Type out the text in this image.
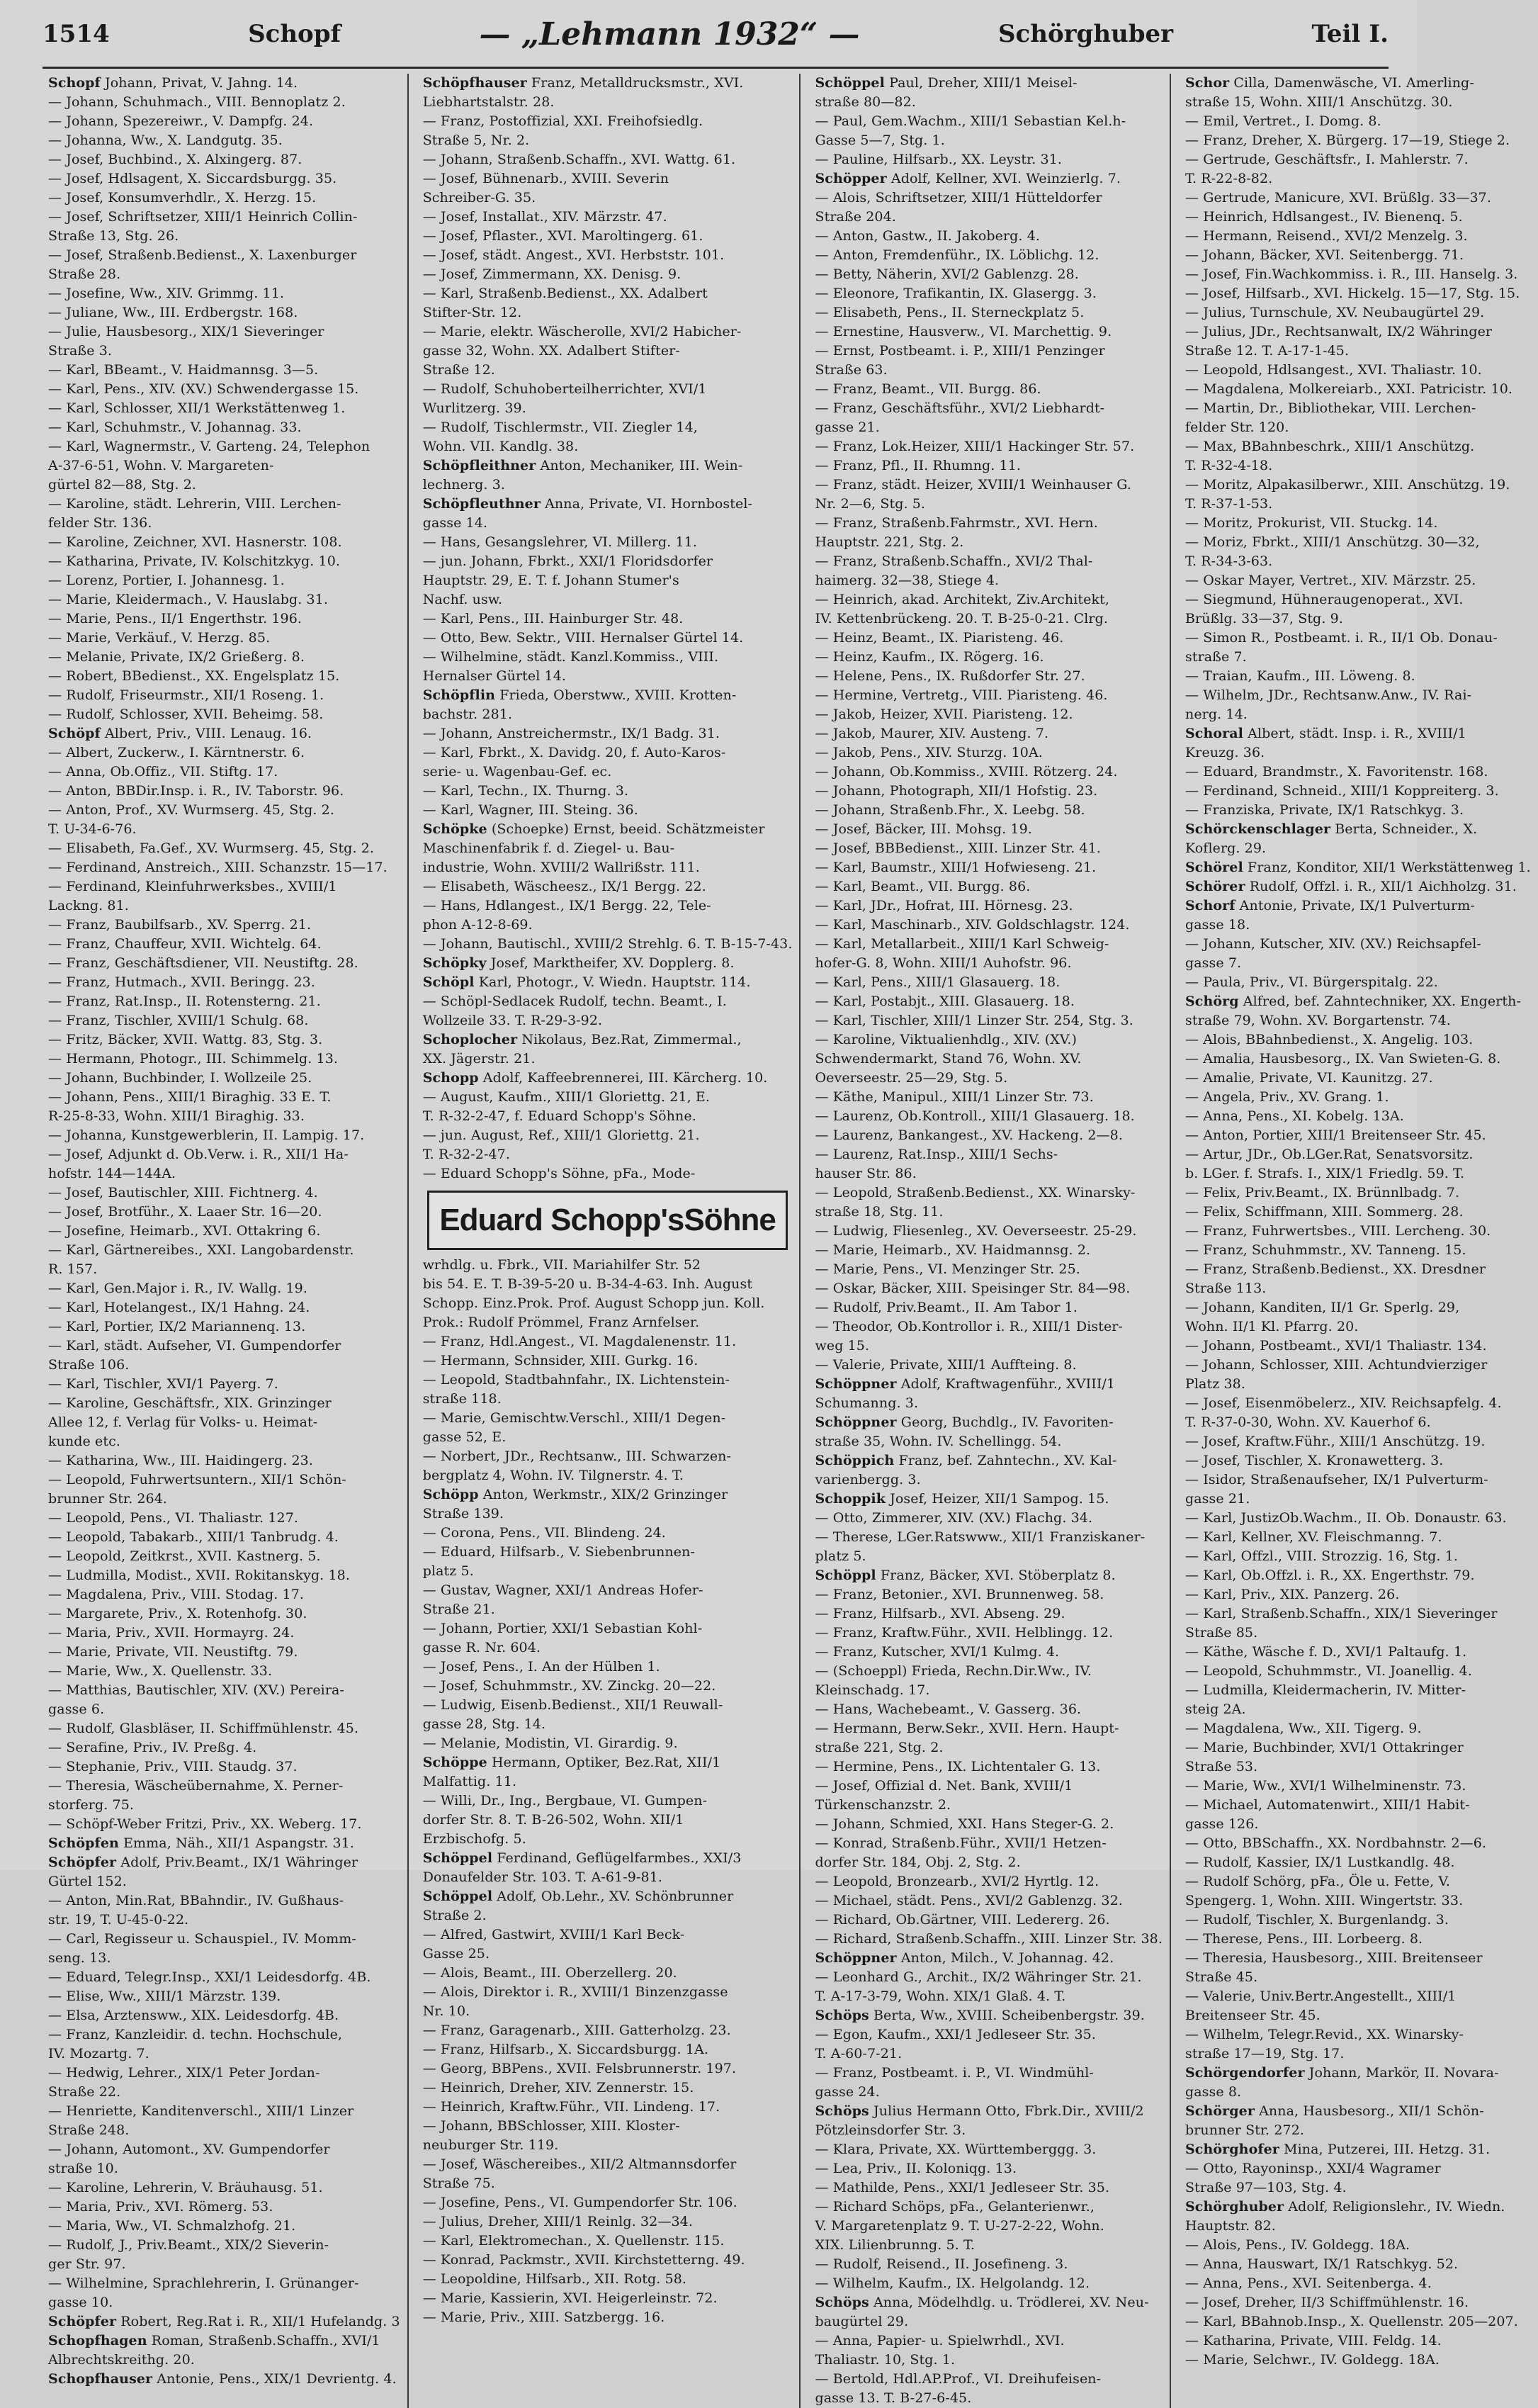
1514	Schopf	— „Lehmann 1932“ —	Schörghuber	Teil I.
Schopf Johann, Privat, V. Jahng. 14.
— Johann, Schuhmach., VIII. Bennoplatz 2.
— Johann, Spezereiwr., V. Dampfg. 24.
— Johanna, Ww., X. Landgutg. 35.
— Josef, Buchbind., X. Alxingerg. 87.
— Josef, Hdlsagent, X. Siccardsburgg. 35.
— Josef, Konsumverhdlr., X. Herzg. 15.
— Josef, Schriftsetzer, XIII/1 Heinrich Collin-
Straße 13, Stg. 26.
— Josef, Straßenb.Bedienst., X. Laxenburger
Straße 28.
— Josefine, Ww., XIV. Grimmg. 11.
— Juliane, Ww., III. Erdbergstr. 168.
— Julie, Hausbesorg., XIX/1 Sieveringer
Straße 3.
— Karl, BBeamt., V. Haidmannsg. 3—5.
— Karl, Pens., XIV. (XV.) Schwendergasse 15.
— Karl, Schlosser, XII/1 Werkstättenweg 1.
— Karl, Schuhmstr., V. Johannag. 33.
— Karl, Wagnermstr., V. Garteng. 24, Telephon
A-37-6-51, Wohn. V. Margareten-
gürtel 82—88, Stg. 2.
— Karoline, städt. Lehrerin, VIII. Lerchen-
felder Str. 136.
— Karoline, Zeichner, XVI. Hasnerstr. 108.
— Katharina, Private, IV. Kolschitzkyg. 10.
— Lorenz, Portier, I. Johannesg. 1.
— Marie, Kleidermach., V. Hauslabg. 31.
— Marie, Pens., II/1 Engerthstr. 196.
— Marie, Verkäuf., V. Herzg. 85.
— Melanie, Private, IX/2 Grießerg. 8.
— Robert, BBedienst., XX. Engelsplatz 15.
— Rudolf, Friseurmstr., XII/1 Roseng. 1.
— Rudolf, Schlosser, XVII. Beheimg. 58.
Schöpf Albert, Priv., VIII. Lenaug. 16.
— Albert, Zuckerw., I. Kärntnerstr. 6.
— Anna, Ob.Offiz., VII. Stiftg. 17.
— Anton, BBDir.Insp. i. R., IV. Taborstr. 96.
— Anton, Prof., XV. Wurmserg. 45, Stg. 2.
T. U-34-6-76.
— Elisabeth, Fa.Gef., XV. Wurmserg. 45, Stg. 2.
— Ferdinand, Anstreich., XIII. Schanzstr. 15—17.
— Ferdinand, Kleinfuhrwerksbes., XVIII/1
Lackng. 81.
— Franz, Baubilfsarb., XV. Sperrg. 21.
— Franz, Chauffeur, XVII. Wichtelg. 64.
— Franz, Geschäftsdiener, VII. Neustiftg. 28.
— Franz, Hutmach., XVII. Beringg. 23.
— Franz, Rat.Insp., II. Rotensterng. 21.
— Franz, Tischler, XVIII/1 Schulg. 68.
— Fritz, Bäcker, XVII. Wattg. 83, Stg. 3.
— Hermann, Photogr., III. Schimmelg. 13.
— Johann, Buchbinder, I. Wollzeile 25.
— Johann, Pens., XIII/1 Biraghig. 33 E. T.
R-25-8-33, Wohn. XIII/1 Biraghig. 33.
— Johanna, Kunstgewerblerin, II. Lampig. 17.
— Josef, Adjunkt d. Ob.Verw. i. R., XII/1 Ha-
hofstr. 144—144A.
— Josef, Bautischler, XIII. Fichtnerg. 4.
— Josef, Brotführ., X. Laaer Str. 16—20.
— Josefine, Heimarb., XVI. Ottakring 6.
— Karl, Gärtnereibes., XXI. Langobardenstr.
R. 157.
— Karl, Gen.Major i. R., IV. Wallg. 19.
— Karl, Hotelangest., IX/1 Hahng. 24.
— Karl, Portier, IX/2 Mariannenq. 13.
— Karl, städt. Aufseher, VI. Gumpendorfer
Straße 106.
— Karl, Tischler, XVI/1 Payerg. 7.
— Karoline, Geschäftsfr., XIX. Grinzinger
Allee 12, f. Verlag für Volks- u. Heimat-
kunde etc.
— Katharina, Ww., III. Haidingerg. 23.
— Leopold, Fuhrwertsuntern., XII/1 Schön-
brunner Str. 264.
— Leopold, Pens., VI. Thaliastr. 127.
— Leopold, Tabakarb., XIII/1 Tanbrudg. 4.
— Leopold, Zeitkrst., XVII. Kastnerg. 5.
— Ludmilla, Modist., XVII. Rokitanskyg. 18.
— Magdalena, Priv., VIII. Stodag. 17.
— Margarete, Priv., X. Rotenhofg. 30.
— Maria, Priv., XVII. Hormayrg. 24.
— Marie, Private, VII. Neustiftg. 79.
— Marie, Ww., X. Quellenstr. 33.
— Matthias, Bautischler, XIV. (XV.) Pereira-
gasse 6.
— Rudolf, Glasbläser, II. Schiffmühlenstr. 45.
— Serafine, Priv., IV. Preßg. 4.
— Stephanie, Priv., VIII. Staudg. 37.
— Theresia, Wäscheübernahme, X. Perner-
storferg. 75.
— Schöpf-Weber Fritzi, Priv., XX. Weberg. 17.
Schöpfen Emma, Näh., XII/1 Aspangstr. 31.
Schöpfer Adolf, Priv.Beamt., IX/1 Währinger
Gürtel 152.
— Anton, Min.Rat, BBahndir., IV. Gußhaus-
str. 19, T. U-45-0-22.
— Carl, Regisseur u. Schauspiel., IV. Momm-
seng. 13.
— Eduard, Telegr.Insp., XXI/1 Leidesdorfg. 4B.
— Elise, Ww., XIII/1 Märzstr. 139.
— Elsa, Arztensww., XIX. Leidesdorfg. 4B.
— Franz, Kanzleidir. d. techn. Hochschule,
IV. Mozartg. 7.
— Hedwig, Lehrer., XIX/1 Peter Jordan-
Straße 22.
— Henriette, Kanditenverschl., XIII/1 Linzer
Straße 248.
— Johann, Automont., XV. Gumpendorfer
straße 10.
— Karoline, Lehrerin, V. Bräuhausg. 51.
— Maria, Priv., XVI. Römerg. 53.
— Maria, Ww., VI. Schmalzhofg. 21.
— Rudolf, J., Priv.Beamt., XIX/2 Sieverin-
ger Str. 97.
— Wilhelmine, Sprachlehrerin, I. Grünanger-
gasse 10.
Schöpfer Robert, Reg.Rat i. R., XII/1 Hufelandg. 3
Schopfhagen Roman, Straßenb.Schaffn., XVI/1
Albrechtskreithg. 20.
Schopfhauser Antonie, Pens., XIX/1 Devrientg. 4.
Schöpfhauser Franz, Metalldrucksmstr., XVI.
Liebhartstalstr. 28.
— Franz, Postoffizial, XXI. Freihofsiedlg.
Straße 5, Nr. 2.
— Johann, Straßenb.Schaffn., XVI. Wattg. 61.
— Josef, Bühnenarb., XVIII. Severin
Schreiber-G. 35.
— Josef, Installat., XIV. Märzstr. 47.
— Josef, Pflaster., XVI. Maroltingerg. 61.
— Josef, städt. Angest., XVI. Herbststr. 101.
— Josef, Zimmermann, XX. Denisg. 9.
— Karl, Straßenb.Bedienst., XX. Adalbert
Stifter-Str. 12.
— Marie, elektr. Wäscherolle, XVI/2 Habicher-
gasse 32, Wohn. XX. Adalbert Stifter-
Straße 12.
— Rudolf, Schuhoberteilherrichter, XVI/1
Wurlitzerg. 39.
— Rudolf, Tischlermstr., VII. Ziegler 14,
Wohn. VII. Kandlg. 38.
Schöpfleithner Anton, Mechaniker, III. Wein-
lechnerg. 3.
Schöpfleuthner Anna, Private, VI. Hornbostel-
gasse 14.
— Hans, Gesangslehrer, VI. Millerg. 11.
— jun. Johann, Fbrkt., XXI/1 Floridsdorfer
Hauptstr. 29, E. T. f. Johann Stumer's
Nachf. usw.
— Karl, Pens., III. Hainburger Str. 48.
— Otto, Bew. Sektr., VIII. Hernalser Gürtel 14.
— Wilhelmine, städt. Kanzl.Kommiss., VIII.
Hernalser Gürtel 14.
Schöpflin Frieda, Oberstww., XVIII. Krotten-
bachstr. 281.
— Johann, Anstreichermstr., IX/1 Badg. 31.
— Karl, Fbrkt., X. Davidg. 20, f. Auto-Karos-
serie- u. Wagenbau-Gef. ec.
— Karl, Techn., IX. Thurng. 3.
— Karl, Wagner, III. Steing. 36.
Schöpke (Schoepke) Ernst, beeid. Schätzmeister
Maschinenfabrik f. d. Ziegel- u. Bau-
industrie, Wohn. XVIII/2 Wallrißstr. 111.
— Elisabeth, Wäscheesz., IX/1 Bergg. 22.
— Hans, Hdlangest., IX/1 Bergg. 22, Tele-
phon A-12-8-69.
— Johann, Bautischl., XVIII/2 Strehlg. 6. T. B-15-7-43.
Schöpky Josef, Marktheifer, XV. Dopplerg. 8.
Schöpl Karl, Photogr., V. Wiedn. Hauptstr. 114.
— Schöpl-Sedlacek Rudolf, techn. Beamt., I.
Wollzeile 33. T. R-29-3-92.
Schoplocher Nikolaus, Bez.Rat, Zimmermal.,
XX. Jägerstr. 21.
Schopp Adolf, Kaffeebrennerei, III. Kärcherg. 10.
— August, Kaufm., XIII/1 Gloriettg. 21, E.
T. R-32-2-47, f. Eduard Schopp's Söhne.
— jun. August, Ref., XIII/1 Gloriettg. 21.
T. R-32-2-47.
— Eduard Schopp's Söhne, pFa., Mode-
Eduard Schopp'sSöhne
wrhdlg. u. Fbrk., VII. Mariahilfer Str. 52
bis 54. E. T. B-39-5-20 u. B-34-4-63. Inh. August
Schopp. Einz.Prok. Prof. August Schopp jun. Koll.
Prok.: Rudolf Prömmel, Franz Arnfelser.
— Franz, Hdl.Angest., VI. Magdalenenstr. 11.
— Hermann, Schnsider, XIII. Gurkg. 16.
— Leopold, Stadtbahnfahr., IX. Lichtenstein-
straße 118.
— Marie, Gemischtw.Verschl., XIII/1 Degen-
gasse 52, E.
— Norbert, JDr., Rechtsanw., III. Schwarzen-
bergplatz 4, Wohn. IV. Tilgnerstr. 4. T.
Schöpp Anton, Werkmstr., XIX/2 Grinzinger
Straße 139.
— Corona, Pens., VII. Blindeng. 24.
— Eduard, Hilfsarb., V. Siebenbrunnen-
platz 5.
— Gustav, Wagner, XXI/1 Andreas Hofer-
Straße 21.
— Johann, Portier, XXI/1 Sebastian Kohl-
gasse R. Nr. 604.
— Josef, Pens., I. An der Hülben 1.
— Josef, Schuhmmstr., XV. Zinckg. 20—22.
— Ludwig, Eisenb.Bedienst., XII/1 Reuwall-
gasse 28, Stg. 14.
— Melanie, Modistin, VI. Girardig. 9.
Schöppe Hermann, Optiker, Bez.Rat, XII/1
Malfattig. 11.
— Willi, Dr., Ing., Bergbaue, VI. Gumpen-
dorfer Str. 8. T. B-26-502, Wohn. XII/1
Erzbischofg. 5.
Schöppel Ferdinand, Geflügelfarmbes., XXI/3
Donaufelder Str. 103. T. A-61-9-81.
Schöppel Adolf, Ob.Lehr., XV. Schönbrunner
Straße 2.
— Alfred, Gastwirt, XVIII/1 Karl Beck-
Gasse 25.
— Alois, Beamt., III. Oberzellerg. 20.
— Alois, Direktor i. R., XVIII/1 Binzenzgasse
Nr. 10.
— Franz, Garagenarb., XIII. Gatterholzg. 23.
— Franz, Hilfsarb., X. Siccardsburgg. 1A.
— Georg, BBPens., XVII. Felsbrunnerstr. 197.
— Heinrich, Dreher, XIV. Zennerstr. 15.
— Heinrich, Kraftw.Führ., VII. Lindeng. 17.
— Johann, BBSchlosser, XIII. Kloster-
neuburger Str. 119.
— Josef, Wäschereibes., XII/2 Altmannsdorfer
Straße 75.
— Josefine, Pens., VI. Gumpendorfer Str. 106.
— Julius, Dreher, XIII/1 Reinlg. 32—34.
— Karl, Elektromechan., X. Quellenstr. 115.
— Konrad, Packmstr., XVII. Kirchstetterng. 49.
— Leopoldine, Hilfsarb., XII. Rotg. 58.
— Marie, Kassierin, XVI. Heigerleinstr. 72.
— Marie, Priv., XIII. Satzbergg. 16.
Schöppel Paul, Dreher, XIII/1 Meisel-
straße 80—82.
— Paul, Gem.Wachm., XIII/1 Sebastian Kel.h-
Gasse 5—7, Stg. 1.
— Pauline, Hilfsarb., XX. Leystr. 31.
Schöpper Adolf, Kellner, XVI. Weinzierlg. 7.
— Alois, Schriftsetzer, XIII/1 Hütteldorfer
Straße 204.
— Anton, Gastw., II. Jakoberg. 4.
— Anton, Fremdenführ., IX. Löblichg. 12.
— Betty, Näherin, XVI/2 Gablenzg. 28.
— Eleonore, Trafikantin, IX. Glasergg. 3.
— Elisabeth, Pens., II. Sterneckplatz 5.
— Ernestine, Hausverw., VI. Marchettig. 9.
— Ernst, Postbeamt. i. P., XIII/1 Penzinger
Straße 63.
— Franz, Beamt., VII. Burgg. 86.
— Franz, Geschäftsführ., XVI/2 Liebhardt-
gasse 21.
— Franz, Lok.Heizer, XIII/1 Hackinger Str. 57.
— Franz, Pfl., II. Rhumng. 11.
— Franz, städt. Heizer, XVIII/1 Weinhauser G.
Nr. 2—6, Stg. 5.
— Franz, Straßenb.Fahrmstr., XVI. Hern.
Hauptstr. 221, Stg. 2.
— Franz, Straßenb.Schaffn., XVI/2 Thal-
haimerg. 32—38, Stiege 4.
— Heinrich, akad. Architekt, Ziv.Architekt,
IV. Kettenbrückeng. 20. T. B-25-0-21. Clrg.
— Heinz, Beamt., IX. Piaristeng. 46.
— Heinz, Kaufm., IX. Rögerg. 16.
— Helene, Pens., IX. Rußdorfer Str. 27.
— Hermine, Vertretg., VIII. Piaristeng. 46.
— Jakob, Heizer, XVII. Piaristeng. 12.
— Jakob, Maurer, XIV. Austeng. 7.
— Jakob, Pens., XIV. Sturzg. 10A.
— Johann, Ob.Kommiss., XVIII. Rötzerg. 24.
— Johann, Photograph, XII/1 Hofstig. 23.
— Johann, Straßenb.Fhr., X. Leebg. 58.
— Josef, Bäcker, III. Mohsg. 19.
— Josef, BBBedienst., XIII. Linzer Str. 41.
— Karl, Baumstr., XIII/1 Hofwieseng. 21.
— Karl, Beamt., VII. Burgg. 86.
— Karl, JDr., Hofrat, III. Hörnesg. 23.
— Karl, Maschinarb., XIV. Goldschlagstr. 124.
— Karl, Metallarbeit., XIII/1 Karl Schweig-
hofer-G. 8, Wohn. XIII/1 Auhofstr. 96.
— Karl, Pens., XIII/1 Glasauerg. 18.
— Karl, Postabjt., XIII. Glasauerg. 18.
— Karl, Tischler, XIII/1 Linzer Str. 254, Stg. 3.
— Karoline, Viktualienhdlg., XIV. (XV.)
Schwendermarkt, Stand 76, Wohn. XV.
Oeverseestr. 25—29, Stg. 5.
— Käthe, Manipul., XIII/1 Linzer Str. 73.
— Laurenz, Ob.Kontroll., XIII/1 Glasauerg. 18.
— Laurenz, Bankangest., XV. Hackeng. 2—8.
— Laurenz, Rat.Insp., XIII/1 Sechs-
hauser Str. 86.
— Leopold, Straßenb.Bedienst., XX. Winarsky-
straße 18, Stg. 11.
— Ludwig, Fliesenleg., XV. Oeverseestr. 25-29.
— Marie, Heimarb., XV. Haidmannsg. 2.
— Marie, Pens., VI. Menzinger Str. 25.
— Oskar, Bäcker, XIII. Speisinger Str. 84—98.
— Rudolf, Priv.Beamt., II. Am Tabor 1.
— Theodor, Ob.Kontrollor i. R., XIII/1 Dister-
weg 15.
— Valerie, Private, XIII/1 Auffteing. 8.
Schöppner Adolf, Kraftwagenführ., XVIII/1
Schumanng. 3.
Schöppner Georg, Buchdlg., IV. Favoriten-
straße 35, Wohn. IV. Schellingg. 54.
Schöppich Franz, bef. Zahntechn., XV. Kal-
varienbergg. 3.
Schoppik Josef, Heizer, XII/1 Sampog. 15.
— Otto, Zimmerer, XIV. (XV.) Flachg. 34.
— Therese, LGer.Ratswww., XII/1 Franziskaner-
platz 5.
Schöppl Franz, Bäcker, XVI. Stöberplatz 8.
— Franz, Betonier., XVI. Brunnenweg. 58.
— Franz, Hilfsarb., XVI. Abseng. 29.
— Franz, Kraftw.Führ., XVII. Helblingg. 12.
— Franz, Kutscher, XVI/1 Kulmg. 4.
— (Schoeppl) Frieda, Rechn.Dir.Ww., IV.
Kleinschadg. 17.
— Hans, Wachebeamt., V. Gasserg. 36.
— Hermann, Berw.Sekr., XVII. Hern. Haupt-
straße 221, Stg. 2.
— Hermine, Pens., IX. Lichtentaler G. 13.
— Josef, Offizial d. Net. Bank, XVIII/1
Türkenschanzstr. 2.
— Johann, Schmied, XXI. Hans Steger-G. 2.
— Konrad, Straßenb.Führ., XVII/1 Hetzen-
dorfer Str. 184, Obj. 2, Stg. 2.
— Leopold, Bronzearb., XVI/2 Hyrtlg. 12.
— Michael, städt. Pens., XVI/2 Gablenzg. 32.
— Richard, Ob.Gärtner, VIII. Ledererg. 26.
— Richard, Straßenb.Schaffn., XIII. Linzer Str. 38.
Schöppner Anton, Milch., V. Johannag. 42.
— Leonhard G., Archit., IX/2 Währinger Str. 21.
T. A-17-3-79, Wohn. XIX/1 Glaß. 4. T.
Schöps Berta, Ww., XVIII. Scheibenbergstr. 39.
— Egon, Kaufm., XXI/1 Jedleseer Str. 35.
T. A-60-7-21.
— Franz, Postbeamt. i. P., VI. Windmühl-
gasse 24.
Schöps Julius Hermann Otto, Fbrk.Dir., XVIII/2
Pötzleinsdorfer Str. 3.
— Klara, Private, XX. Württemberggg. 3.
— Lea, Priv., II. Koloniqg. 13.
— Mathilde, Pens., XXI/1 Jedleseer Str. 35.
— Richard Schöps, pFa., Gelanterienwr.,
V. Margaretenplatz 9. T. U-27-2-22, Wohn.
XIX. Lilienbrunng. 5. T.
— Rudolf, Reisend., II. Josefineng. 3.
— Wilhelm, Kaufm., IX. Helgolandg. 12.
Schöps Anna, Mödelhdlg. u. Trödlerei, XV. Neu-
baugürtel 29.
— Anna, Papier- u. Spielwrhdl., XVI.
Thaliastr. 10, Stg. 1.
— Bertold, Hdl.AP.Prof., VI. Dreihufeisen-
gasse 13. T. B-27-6-45.
Schor Cilla, Damenwäsche, VI. Amerling-
straße 15, Wohn. XIII/1 Anschützg. 30.
— Emil, Vertret., I. Domg. 8.
— Franz, Dreher, X. Bürgerg. 17—19, Stiege 2.
— Gertrude, Geschäftsfr., I. Mahlerstr. 7.
T. R-22-8-82.
— Gertrude, Manicure, XVI. Brüßlg. 33—37.
— Heinrich, Hdlsangest., IV. Bienenq. 5.
— Hermann, Reisend., XVI/2 Menzelg. 3.
— Johann, Bäcker, XVI. Seitenbergg. 71.
— Josef, Fin.Wachkommiss. i. R., III. Hanselg. 3.
— Josef, Hilfsarb., XVI. Hickelg. 15—17, Stg. 15.
— Julius, Turnschule, XV. Neubaugürtel 29.
— Julius, JDr., Rechtsanwalt, IX/2 Währinger
Straße 12. T. A-17-1-45.
— Leopold, Hdlsangest., XVI. Thaliastr. 10.
— Magdalena, Molkereiarb., XXI. Patricistr. 10.
— Martin, Dr., Bibliothekar, VIII. Lerchen-
felder Str. 120.
— Max, BBahnbeschrk., XIII/1 Anschützg.
T. R-32-4-18.
— Moritz, Alpakasilberwr., XIII. Anschützg. 19.
T. R-37-1-53.
— Moritz, Prokurist, VII. Stuckg. 14.
— Moriz, Fbrkt., XIII/1 Anschützg. 30—32,
T. R-34-3-63.
— Oskar Mayer, Vertret., XIV. Märzstr. 25.
— Siegmund, Hühneraugenoperat., XVI.
Brüßlg. 33—37, Stg. 9.
— Simon R., Postbeamt. i. R., II/1 Ob. Donau-
straße 7.
— Traian, Kaufm., III. Löweng. 8.
— Wilhelm, JDr., Rechtsanw.Anw., IV. Rai-
nerg. 14.
Schoral Albert, städt. Insp. i. R., XVIII/1
Kreuzg. 36.
— Eduard, Brandmstr., X. Favoritenstr. 168.
— Ferdinand, Schneid., XIII/1 Koppreiterg. 3.
— Franziska, Private, IX/1 Ratschkyg. 3.
Schörckenschlager Berta, Schneider., X.
Koflerg. 29.
Schörel Franz, Konditor, XII/1 Werkstättenweg 1.
Schörer Rudolf, Offzl. i. R., XII/1 Aichholzg. 31.
Schorf Antonie, Private, IX/1 Pulverturm-
gasse 18.
— Johann, Kutscher, XIV. (XV.) Reichsapfel-
gasse 7.
— Paula, Priv., VI. Bürgerspitalg. 22.
Schörg Alfred, bef. Zahntechniker, XX. Engerth-
straße 79, Wohn. XV. Borgartenstr. 74.
— Alois, BBahnbedienst., X. Angelig. 103.
— Amalia, Hausbesorg., IX. Van Swieten-G. 8.
— Amalie, Private, VI. Kaunitzg. 27.
— Angela, Priv., XV. Grang. 1.
— Anna, Pens., XI. Kobelg. 13A.
— Anton, Portier, XIII/1 Breitenseer Str. 45.
— Artur, JDr., Ob.LGer.Rat, Senatsvorsitz.
b. LGer. f. Strafs. I., XIX/1 Friedlg. 59. T.
— Felix, Priv.Beamt., IX. Brünnlbadg. 7.
— Felix, Schiffmann, XIII. Sommerg. 28.
— Franz, Fuhrwertsbes., VIII. Lercheng. 30.
— Franz, Schuhmmstr., XV. Tanneng. 15.
— Franz, Straßenb.Bedienst., XX. Dresdner
Straße 113.
— Johann, Kanditen, II/1 Gr. Sperlg. 29,
Wohn. II/1 Kl. Pfarrg. 20.
— Johann, Postbeamt., XVI/1 Thaliastr. 134.
— Johann, Schlosser, XIII. Achtundvierziger
Platz 38.
— Josef, Eisenmöbelerz., XIV. Reichsapfelg. 4.
T. R-37-0-30, Wohn. XV. Kauerhof 6.
— Josef, Kraftw.Führ., XIII/1 Anschützg. 19.
— Josef, Tischler, X. Kronawetterg. 3.
— Isidor, Straßenaufseher, IX/1 Pulverturm-
gasse 21.
— Karl, JustizOb.Wachm., II. Ob. Donaustr. 63.
— Karl, Kellner, XV. Fleischmanng. 7.
— Karl, Offzl., VIII. Strozzig. 16, Stg. 1.
— Karl, Ob.Offzl. i. R., XX. Engerthstr. 79.
— Karl, Priv., XIX. Panzerg. 26.
— Karl, Straßenb.Schaffn., XIX/1 Sieveringer
Straße 85.
— Käthe, Wäsche f. D., XVI/1 Paltaufg. 1.
— Leopold, Schuhmmstr., VI. Joanellig. 4.
— Ludmilla, Kleidermacherin, IV. Mitter-
steig 2A.
— Magdalena, Ww., XII. Tigerg. 9.
— Marie, Buchbinder, XVI/1 Ottakringer
Straße 53.
— Marie, Ww., XVI/1 Wilhelminenstr. 73.
— Michael, Automatenwirt., XIII/1 Habit-
gasse 126.
— Otto, BBSchaffn., XX. Nordbahnstr. 2—6.
— Rudolf, Kassier, IX/1 Lustkandlg. 48.
— Rudolf Schörg, pFa., Öle u. Fette, V.
Spengerg. 1, Wohn. XIII. Wingertstr. 33.
— Rudolf, Tischler, X. Burgenlandg. 3.
— Therese, Pens., III. Lorbeerg. 8.
— Theresia, Hausbesorg., XIII. Breitenseer
Straße 45.
— Valerie, Univ.Bertr.Angestellt., XIII/1
Breitenseer Str. 45.
— Wilhelm, Telegr.Revid., XX. Winarsky-
straße 17—19, Stg. 17.
Schörgendorfer Johann, Markör, II. Novara-
gasse 8.
Schörger Anna, Hausbesorg., XII/1 Schön-
brunner Str. 272.
Schörghofer Mina, Putzerei, III. Hetzg. 31.
— Otto, Rayoninsp., XXI/4 Wagramer
Straße 97—103, Stg. 4.
Schörghuber Adolf, Religionslehr., IV. Wiedn.
Hauptstr. 82.
— Alois, Pens., IV. Goldegg. 18A.
— Anna, Hauswart, IX/1 Ratschkyg. 52.
— Anna, Pens., XVI. Seitenberga. 4.
— Josef, Dreher, II/3 Schiffmühlenstr. 16.
— Karl, BBahnob.Insp., X. Quellenstr. 205—207.
— Katharina, Private, VIII. Feldg. 14.
— Marie, Selchwr., IV. Goldegg. 18A.
